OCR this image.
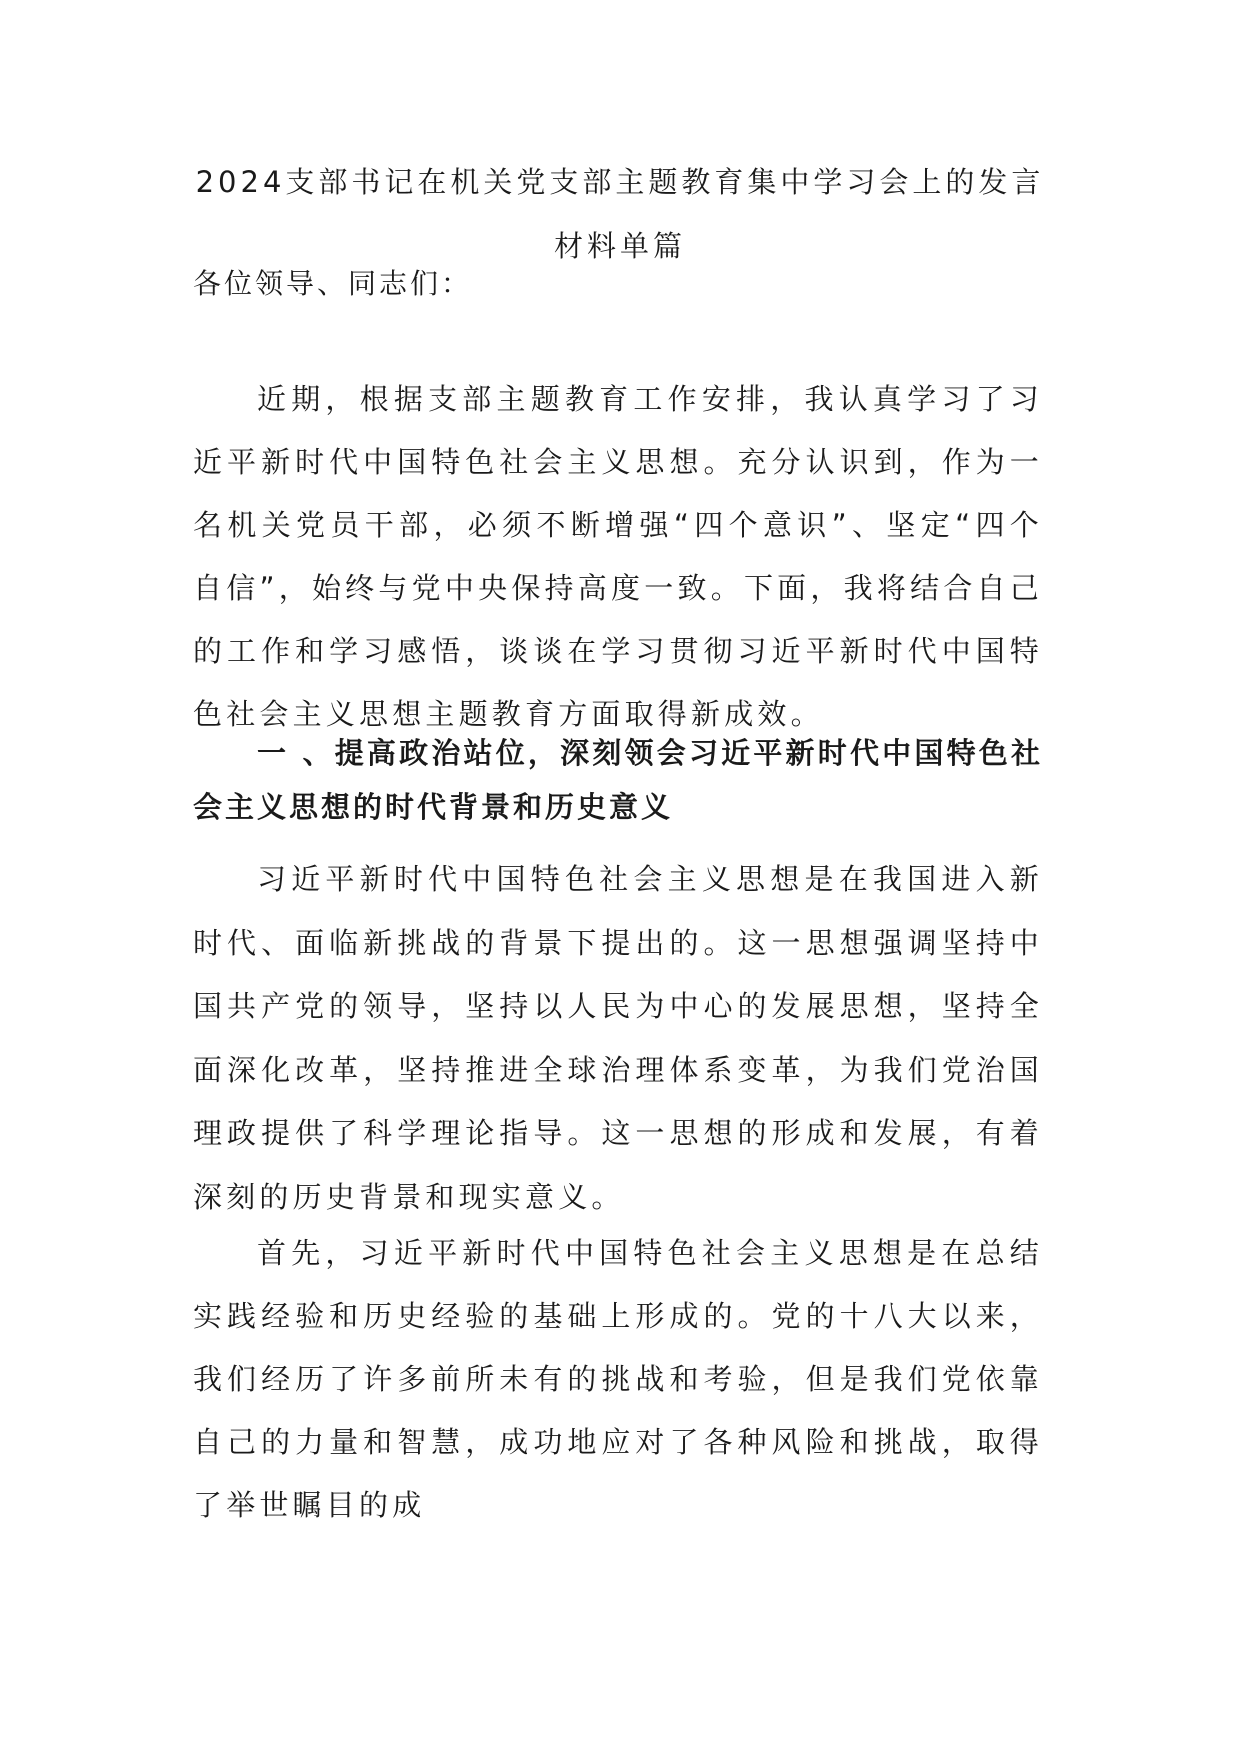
2024支部书记在机关党支部主题教育集中学习会上的发言
材料单篇
各位领导、同志们：

近期，根据支部主题教育工作安排，我认真学习了习近平新时代中国特色社会主义思想。充分认识到，作为一名机关党员干部，必须不断增强“四个意识”、坚定“四个自信”，始终与党中央保持高度一致。下面，我将结合自己的工作和学习感悟，谈谈在学习贯彻习近平新时代中国特色社会主义思想主题教育方面取得新成效。

一 、提高政治站位，深刻领会习近平新时代中国特色社会主义思想的时代背景和历史意义

习近平新时代中国特色社会主义思想是在我国进入新时代、面临新挑战的背景下提出的。这一思想强调坚持中国共产党的领导，坚持以人民为中心的发展思想，坚持全面深化改革，坚持推进全球治理体系变革，为我们党治国理政提供了科学理论指导。这一思想的形成和发展，有着深刻的历史背景和现实意义。

首先，习近平新时代中国特色社会主义思想是在总结实践经验和历史经验的基础上形成的。党的十八大以来，我们经历了许多前所未有的挑战和考验，但是我们党依靠自己的力量和智慧，成功地应对了各种风险和挑战，取得了举世瞩目的成
